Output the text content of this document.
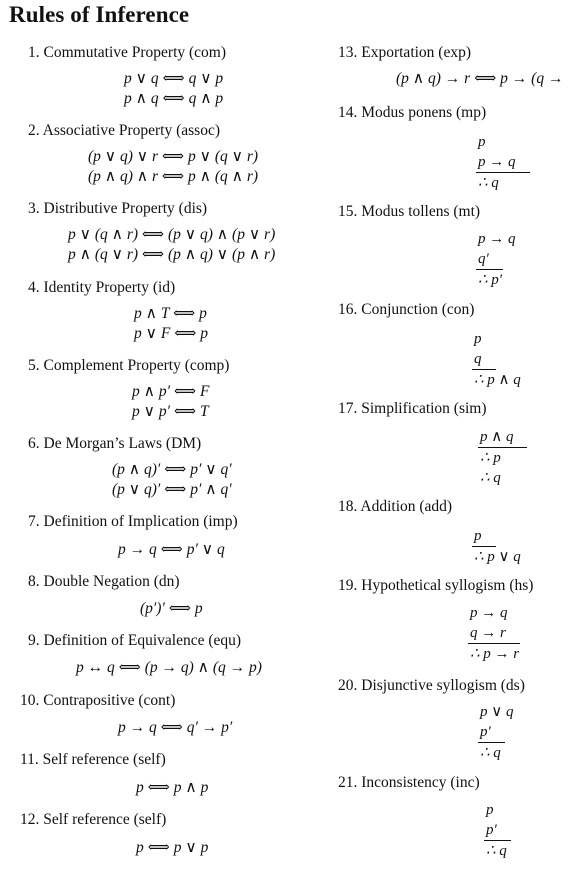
Rules of Inference
1. Commutative Property (com)
p ∨ q ⟺ q ∨ p
p ∧ q ⟺ q ∧ p
2. Associative Property (assoc)
(p ∨ q) ∨ r ⟺ p ∨ (q ∨ r)
(p ∧ q) ∧ r ⟺ p ∧ (q ∧ r)
3. Distributive Property (dis)
p ∨ (q ∧ r) ⟺ (p ∨ q) ∧ (p ∨ r)
p ∧ (q ∨ r) ⟺ (p ∧ q) ∨ (p ∧ r)
4. Identity Property (id)
p ∧ T ⟺ p
p ∨ F ⟺ p
5. Complement Property (comp)
p ∧ p′ ⟺ F
p ∨ p′ ⟺ T
6. De Morgan’s Laws (DM)
(p ∧ q)′ ⟺ p′ ∨ q′
(p ∨ q)′ ⟺ p′ ∧ q′
7. Definition of Implication (imp)
p → q ⟺ p′ ∨ q
8. Double Negation (dn)
(p′)′ ⟺ p
9. Definition of Equivalence (equ)
p ↔ q ⟺ (p → q) ∧ (q → p)
10. Contrapositive (cont)
p → q ⟺ q′ → p′
11. Self reference (self)
p ⟺ p ∧ p
12. Self reference (self)
p ⟺ p ∨ p
13. Exportation (exp)
(p ∧ q) → r ⟺ p → (q →
14. Modus ponens (mp)
p
p → q
∴ q
15. Modus tollens (mt)
p → q
q′
∴ p′
16. Conjunction (con)
p
q
∴ p ∧ q
17. Simplification (sim)
p ∧ q
∴ p
∴ q
18. Addition (add)
p
∴ p ∨ q
19. Hypothetical syllogism (hs)
p → q
q → r
∴ p → r
20. Disjunctive syllogism (ds)
p ∨ q
p′
∴ q
21. Inconsistency (inc)
p
p′
∴ q
